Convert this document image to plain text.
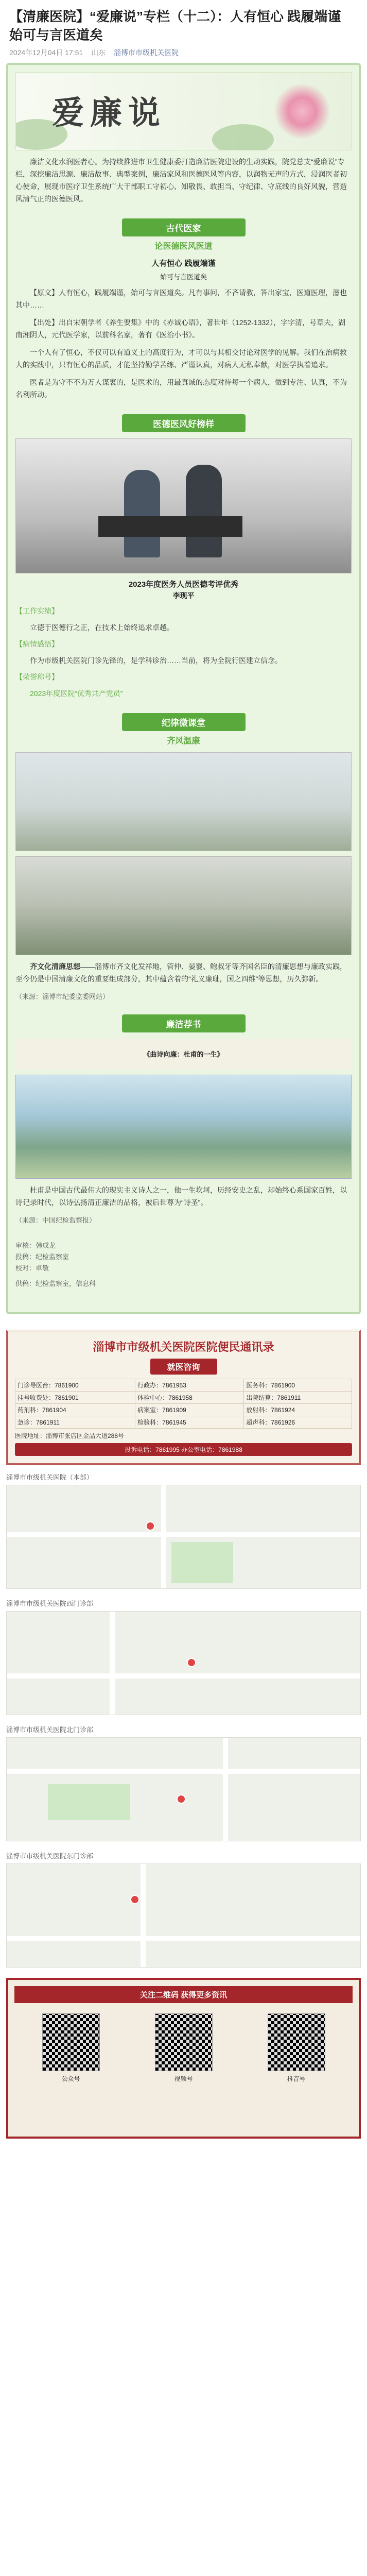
【清廉医院】“爱廉说”专栏（十二）：人有恒心 践履端谨 始可与言医道矣
2024年12月04日 17:51 山东 淄博市市级机关医院
爱廉说

廉洁文化水润医者心。为持续推进市卫生健康委打造廉洁医院建设的生动实践，院党总支“爱廉说”专栏，深挖廉洁思源、廉洁故事、典型案例，廉洁家风和医德医风等内容，以润物无声的方式，浸润医者初心使命，展现市医疗卫生系统广大干部职工守初心、知敬畏、敢担当、守纪律、守底线的良好风貌，营造风清气正的医德医风。

古代医家
论医德医风医道
人有恒心 践履端谨
始可与言医道矣

【原文】人有恒心，践履端谨，始可与言医道矣。凡有事问，不吝请教，答出家宝，医道医理，滋也其中……

【出处】出自宋朝学者《养生要集》中的《赤诚心语》，著世年（1252-1332），字字清，号草夫，湖南湘阴人，元代医学家，以前科名家，著有《医治小书》。

一个人有了恒心，不仅可以有道义上的高度行为，才可以与其相交讨论对医学的见解。我们在治病救人的实践中，只有恒心的品质，才能坚持勤学苦练、严谨认真，对病人无私奉献，对医学执着追求。

医者是为守不不为万人谋衷的，是医术的，用最真诚的态度对待每一个病人，做到专注、认真，不为名利所动。

医德医风好榜样
2023年度医务人员医德考评优秀
李现平
【工作实绩】

立德于医德行之正，在技术上始终追求卓越。

【病情感悟】

作为市级机关医院门诊先锋的，是学科诊治……当前，将为全院行医建立信念。

【荣誉称号】

2023年度医院“优秀共产党员”

纪律微课堂
齐风温廉

齐文化清廉思想——淄博市齐文化发祥地，管仲、晏婴、鲍叔牙等齐国名臣的清廉思想与廉政实践，至今仍是中国清廉文化的重要组成部分，其中蕴含着的“礼义廉耻，国之四维”等思想，历久弥新。

（来源：淄博市纪委监委网站）
廉洁荐书
《曲诗向廉：杜甫的一生》

杜甫是中国古代最伟大的现实主义诗人之一，他一生坎坷，历经安史之乱，却始终心系国家百姓，以诗记录时代，以诗弘扬清正廉洁的品格，被后世尊为“诗圣”。

（来源：中国纪检监察报）
审核：韩成龙
投稿：纪检监察室
校对：卓敏
供稿：纪检监察室，信息科
淄博市市级机关医院医院便民通讯录
就医咨询
门诊导医台：7861900	行政办：7861953	医务科：7861900
挂号收费处：7861901	体检中心：7861958	出院结算：7861911
药剂科：7861904	病案室：7861909	放射科：7861924
急诊：7861911	检验科：7861945	超声科：7861926
医院地址：淄博市张店区金晶大道288号
投诉电话：7861995 办公室电话：7861988
淄博市市级机关医院（本部）
淄博市市级机关医院西门诊部
淄博市市级机关医院北门诊部
淄博市市级机关医院东门诊部
关注二维码 获得更多资讯
公众号	视频号	抖音号
